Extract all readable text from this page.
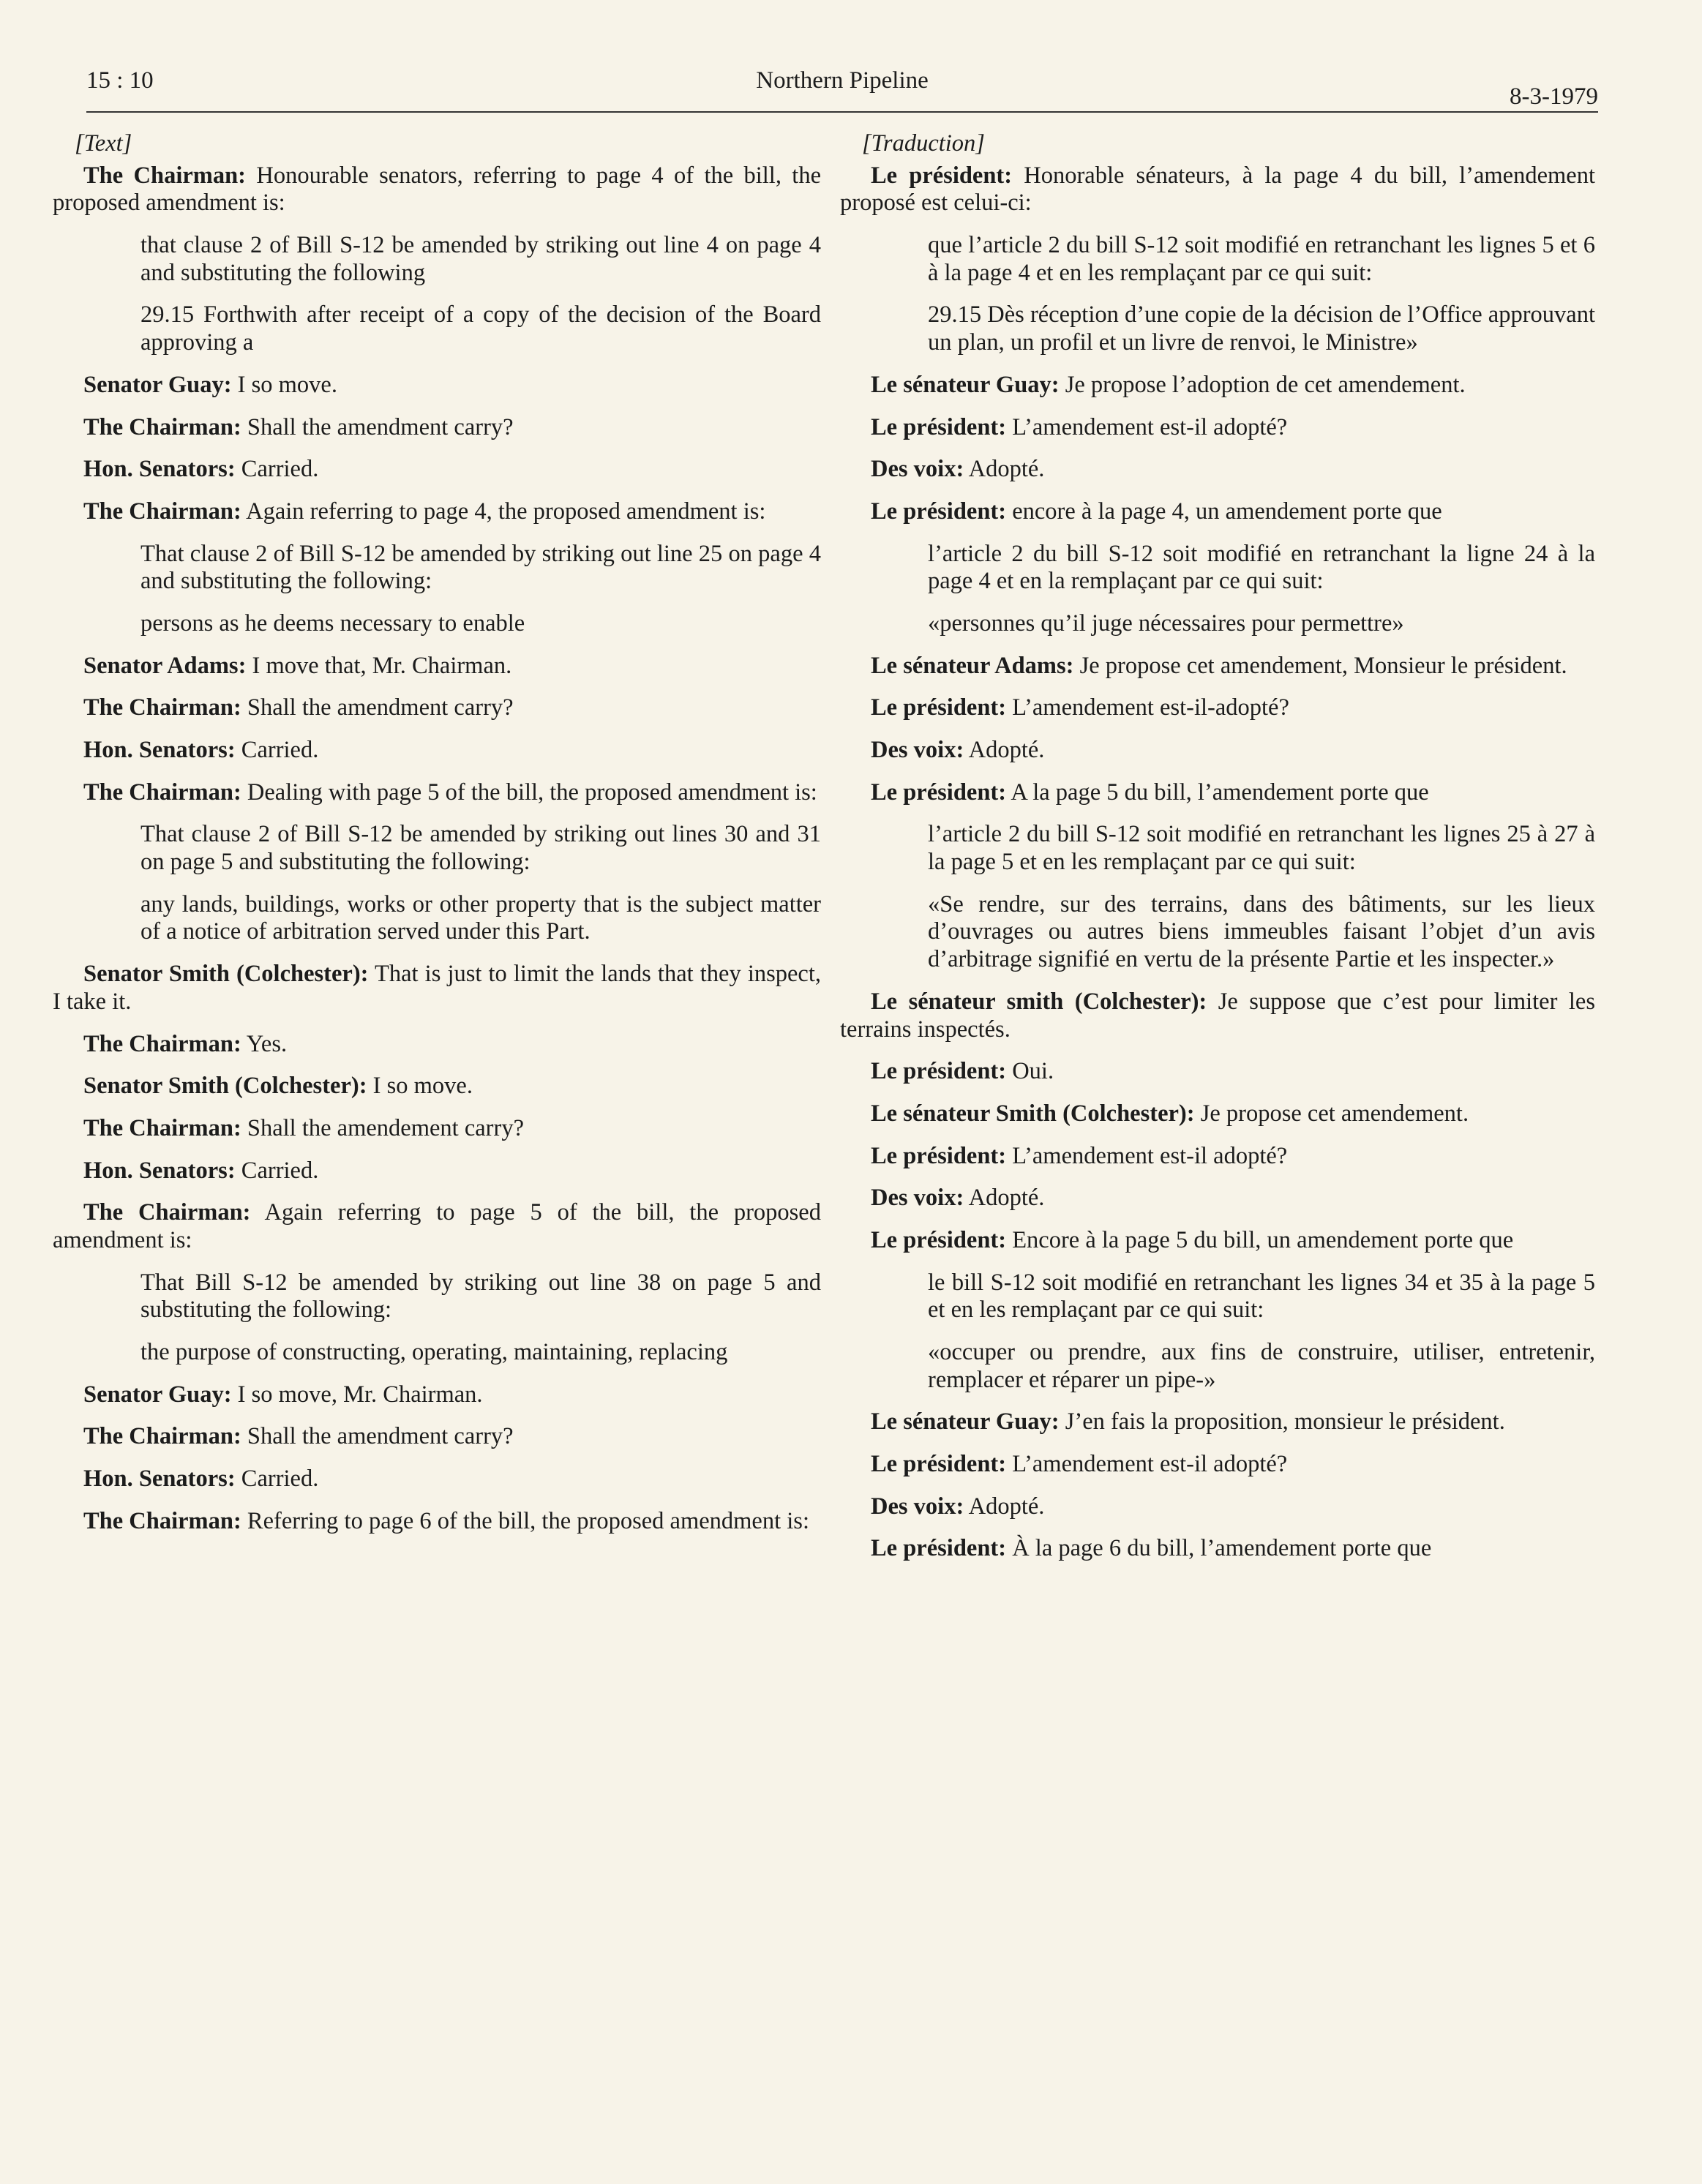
15 : 10	Northern Pipeline
8-3-1979
[Text]
The Chairman: Honourable senators, referring to page 4 of the bill, the proposed amendment is:
that clause 2 of Bill S-12 be amended by striking out line 4 on page 4 and substituting the following
29.15 Forthwith after receipt of a copy of the decision of the Board approving a
Senator Guay: I so move.
The Chairman: Shall the amendment carry?
Hon. Senators: Carried.
The Chairman: Again referring to page 4, the proposed amendment is:
That clause 2 of Bill S-12 be amended by striking out line 25 on page 4 and substituting the following:
persons as he deems necessary to enable
Senator Adams: I move that, Mr. Chairman.
The Chairman: Shall the amendment carry?
Hon. Senators: Carried.
The Chairman: Dealing with page 5 of the bill, the proposed amendment is:
That clause 2 of Bill S-12 be amended by striking out lines 30 and 31 on page 5 and substituting the following:
any lands, buildings, works or other property that is the subject matter of a notice of arbitration served under this Part.
Senator Smith (Colchester): That is just to limit the lands that they inspect, I take it.
The Chairman: Yes.
Senator Smith (Colchester): I so move.
The Chairman: Shall the amendement carry?
Hon. Senators: Carried.
The Chairman: Again referring to page 5 of the bill, the proposed amendment is:
That Bill S-12 be amended by striking out line 38 on page 5 and substituting the following:
the purpose of constructing, operating, maintaining, replacing
Senator Guay: I so move, Mr. Chairman.
The Chairman: Shall the amendment carry?
Hon. Senators: Carried.
The Chairman: Referring to page 6 of the bill, the proposed amendment is:
[Traduction]
Le président: Honorable sénateurs, à la page 4 du bill, l’amendement proposé est celui-ci:
que l’article 2 du bill S-12 soit modifié en retranchant les lignes 5 et 6 à la page 4 et en les remplaçant par ce qui suit:
29.15 Dès réception d’une copie de la décision de l’Office approuvant un plan, un profil et un livre de renvoi, le Ministre»
Le sénateur Guay: Je propose l’adoption de cet amendement.
Le président: L’amendement est-il adopté?
Des voix: Adopté.
Le président: encore à la page 4, un amendement porte que
l’article 2 du bill S-12 soit modifié en retranchant la ligne 24 à la page 4 et en la remplaçant par ce qui suit:
«personnes qu’il juge nécessaires pour permettre»
Le sénateur Adams: Je propose cet amendement, Monsieur le président.
Le président: L’amendement est-il-adopté?
Des voix: Adopté.
Le président: A la page 5 du bill, l’amendement porte que
l’article 2 du bill S-12 soit modifié en retranchant les lignes 25 à 27 à la page 5 et en les remplaçant par ce qui suit:
«Se rendre, sur des terrains, dans des bâtiments, sur les lieux d’ouvrages ou autres biens immeubles faisant l’objet d’un avis d’arbitrage signifié en vertu de la présente Partie et les inspecter.»
Le sénateur smith (Colchester): Je suppose que c’est pour limiter les terrains inspectés.
Le président: Oui.
Le sénateur Smith (Colchester): Je propose cet amendement.
Le président: L’amendement est-il adopté?
Des voix: Adopté.
Le président: Encore à la page 5 du bill, un amendement porte que
le bill S-12 soit modifié en retranchant les lignes 34 et 35 à la page 5 et en les remplaçant par ce qui suit:
«occuper ou prendre, aux fins de construire, utiliser, entretenir, remplacer et réparer un pipe-»
Le sénateur Guay: J’en fais la proposition, monsieur le président.
Le président: L’amendement est-il adopté?
Des voix: Adopté.
Le président: À la page 6 du bill, l’amendement porte que
